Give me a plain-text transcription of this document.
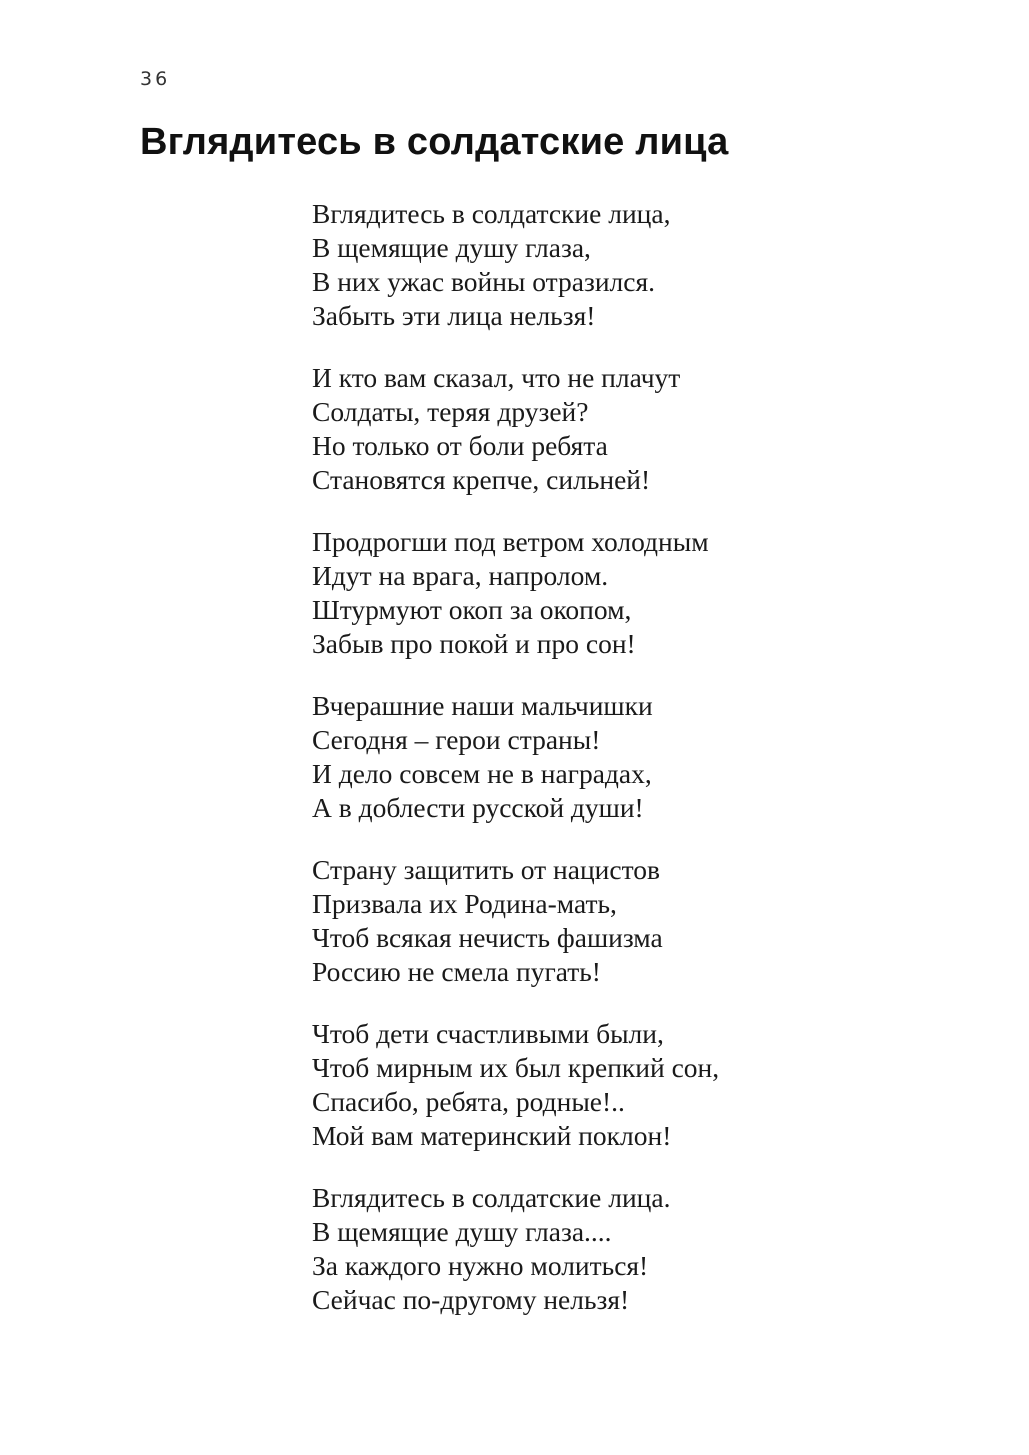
36
Вглядитесь в солдатские лица
Вглядитесь в солдатские лица,
В щемящие душу глаза,
В них ужас войны отразился.
Забыть эти лица нельзя!
И кто вам сказал, что не плачут
Солдаты, теряя друзей?
Но только от боли ребята
Становятся крепче, сильней!
Продрогши под ветром холодным
Идут на врага, напролом.
Штурмуют окоп за окопом,
Забыв про покой и про сон!
Вчерашние наши мальчишки
Сегодня – герои страны!
И дело совсем не в наградах,
А в доблести русской души!
Страну защитить от нацистов
Призвала их Родина-мать,
Чтоб всякая нечисть фашизма
Россию не смела пугать!
Чтоб дети счастливыми были,
Чтоб мирным их был крепкий сон,
Спасибо, ребята, родные!..
Мой вам материнский поклон!
Вглядитесь в солдатские лица.
В щемящие душу глаза....
За каждого нужно молиться!
Сейчас по-другому нельзя!
